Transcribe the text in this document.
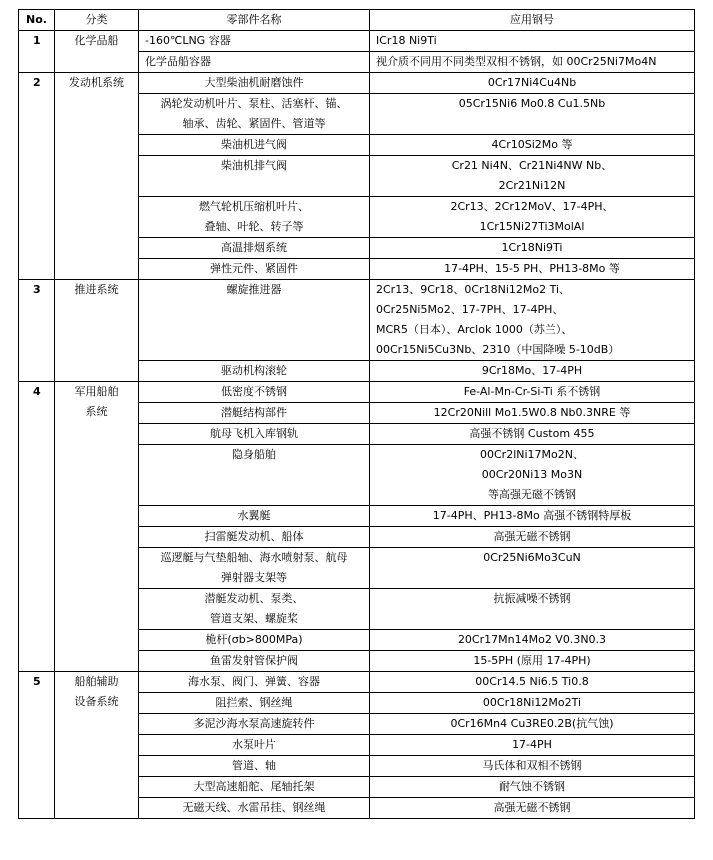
No.	分类	零部件名称	应用钢号
1	化学品船	-160℃LNG 容器	ICr18 Ni9Ti

		化学品船容器	视介质不同用不同类型双相不锈钢，如 00Cr25Ni7Mo4N

2	发动机系统	大型柴油机耐磨蚀件	0Cr17Ni4Cu4Nb

		涡轮发动机叶片、泵柱、活塞杆、锚、
轴承、齿轮、紧固件、管道等	05Cr15Ni6 Mo0.8 Cu1.5Nb

		柴油机进气阀	4Cr10Si2Mo 等

		柴油机排气阀	Cr21 Ni4N、Cr21Ni4NW Nb、
2Cr21Ni12N

		燃气轮机压缩机叶片、
叠轴、叶轮、转子等	2Cr13、2Cr12MoV、17-4PH、
1Cr15Ni27Ti3MolAl

		高温排烟系统	1Cr18Ni9Ti

		弹性元件、紧固件	17-4PH、15-5 PH、PH13-8Mo 等

3	推进系统	螺旋推进器	2Cr13、9Cr18、0Cr18Ni12Mo2 Ti、
0Cr25Ni5Mo2、17-7PH、17-4PH、
MCR5（日本）、Arclok 1000（苏兰）、
00Cr15Ni5Cu3Nb、2310（中国降噪 5-10dB）

		驱动机构滚轮	9Cr18Mo、17-4PH

4	军用船舶
系统	低密度不锈钢	Fe-Al-Mn-Cr-Si-Ti 系不锈钢

		潜艇结构部件	12Cr20Nill Mo1.5W0.8 Nb0.3NRE 等

		航母飞机入库钢轨	高强不锈钢 Custom 455

		隐身船舶	00Cr2lNi17Mo2N、
00Cr20Ni13 Mo3N
等高强无磁不锈钢

		水翼艇	17-4PH、PH13-8Mo 高强不锈钢特厚板

		扫雷艇发动机、船体	高强无磁不锈钢

		巡逻艇与气垫船轴、海水喷射泵、航母
弹射器支架等	0Cr25Ni6Mo3CuN

		潜艇发动机、泵类、
管道支架、螺旋桨	抗振减噪不锈钢

		桅杆(σb>800MPa)	20Cr17Mn14Mo2 V0.3N0.3

		鱼雷发射管保护阀	15-5PH (原用 17-4PH)

5	船舶辅助
设备系统	海水泵、阀门、弹簧、容器	00Cr14.5 Ni6.5 Ti0.8

		阻拦索、钢丝绳	00Cr18Ni12Mo2Ti

		多泥沙海水泵高速旋转件	0Cr16Mn4 Cu3RE0.2B(抗气蚀)

		水泵叶片	17-4PH

		管道、轴	马氏体和双相不锈钢

		大型高速船舵、尾轴托架	耐气蚀不锈钢

		无磁天线、水雷吊挂、钢丝绳	高强无磁不锈钢
